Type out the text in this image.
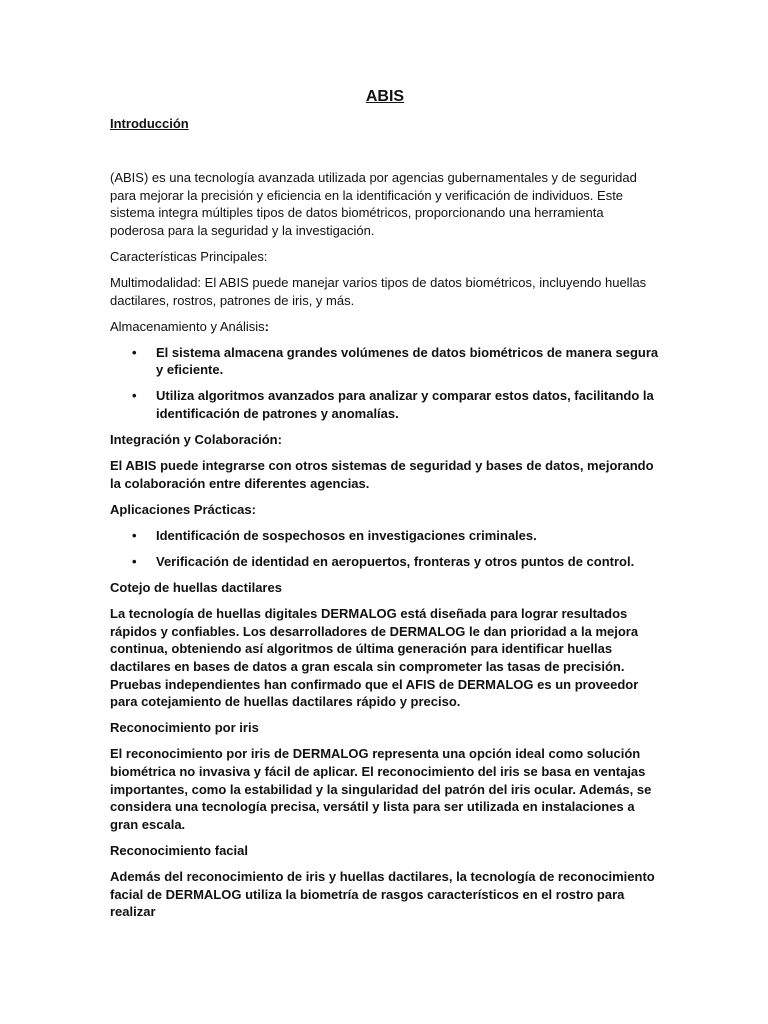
ABIS
Introducción

(ABIS) es una tecnología avanzada utilizada por agencias gubernamentales y de seguridad para mejorar la precisión y eficiencia en la identificación y verificación de individuos. Este sistema integra múltiples tipos de datos biométricos, proporcionando una herramienta poderosa para la seguridad y la investigación.

Características Principales:

Multimodalidad: El ABIS puede manejar varios tipos de datos biométricos, incluyendo huellas dactilares, rostros, patrones de iris, y más.

Almacenamiento y Análisis:

• El sistema almacena grandes volúmenes de datos biométricos de manera segura y eficiente.
• Utiliza algoritmos avanzados para analizar y comparar estos datos, facilitando la identificación de patrones y anomalías.

Integración y Colaboración:

El ABIS puede integrarse con otros sistemas de seguridad y bases de datos, mejorando la colaboración entre diferentes agencias.

Aplicaciones Prácticas:

• Identificación de sospechosos en investigaciones criminales.
• Verificación de identidad en aeropuertos, fronteras y otros puntos de control.

Cotejo de huellas dactilares

La tecnología de huellas digitales DERMALOG está diseñada para lograr resultados rápidos y confiables. Los desarrolladores de DERMALOG le dan prioridad a la mejora continua, obteniendo así algoritmos de última generación para identificar huellas dactilares en bases de datos a gran escala sin comprometer las tasas de precisión. Pruebas independientes han confirmado que el AFIS de DERMALOG es un proveedor para cotejamiento de huellas dactilares rápido y preciso.

Reconocimiento por iris

El reconocimiento por iris de DERMALOG representa una opción ideal como solución biométrica no invasiva y fácil de aplicar. El reconocimiento del iris se basa en ventajas importantes, como la estabilidad y la singularidad del patrón del iris ocular. Además, se considera una tecnología precisa, versátil y lista para ser utilizada en instalaciones a gran escala.

Reconocimiento facial

Además del reconocimiento de iris y huellas dactilares, la tecnología de reconocimiento facial de DERMALOG utiliza la biometría de rasgos característicos en el rostro para realizar
